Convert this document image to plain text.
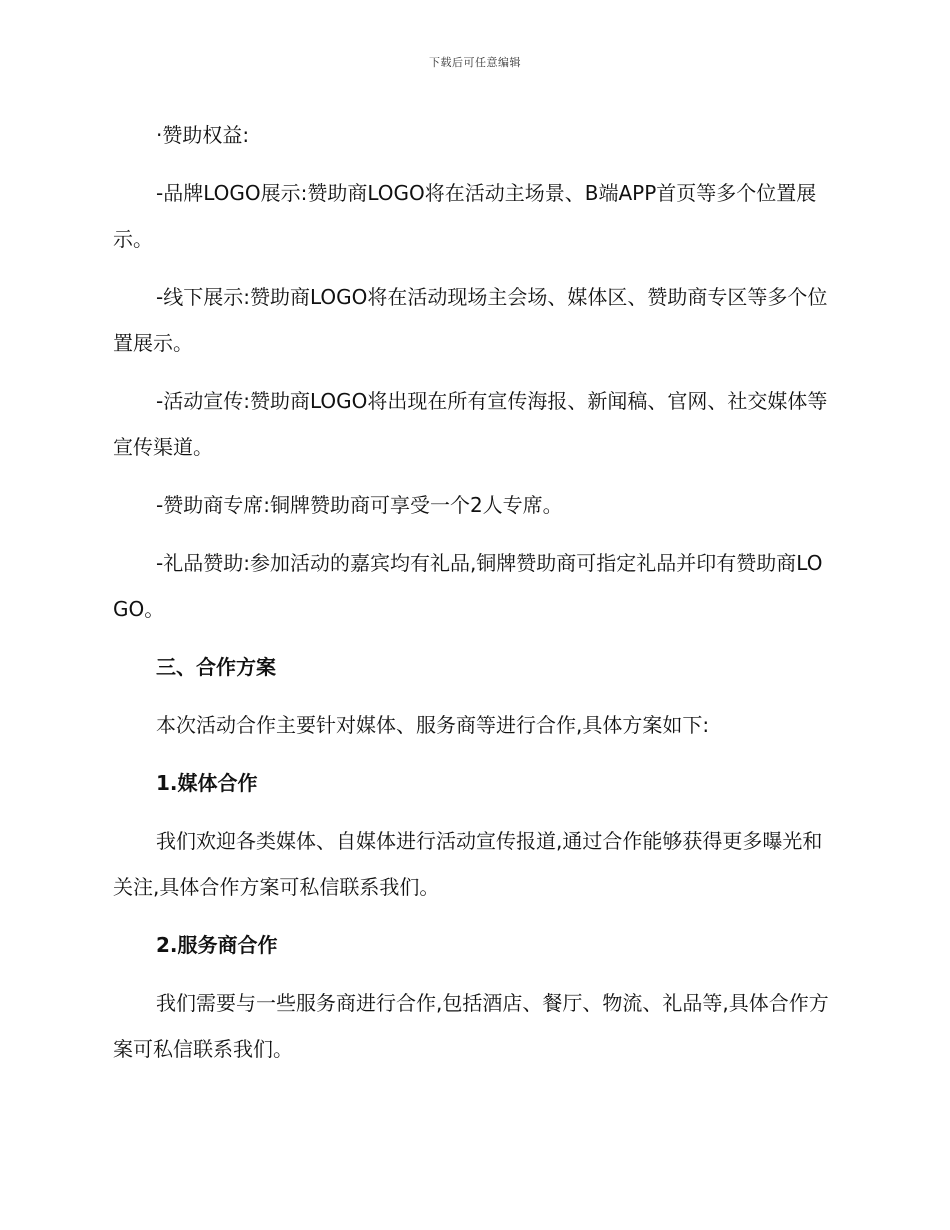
下载后可任意编辑

·赞助权益:

-品牌LOGO展示:赞助商LOGO将在活动主场景、B端APP首页等多个位置展示。

-线下展示:赞助商LOGO将在活动现场主会场、媒体区、赞助商专区等多个位置展示。

-活动宣传:赞助商LOGO将出现在所有宣传海报、新闻稿、官网、社交媒体等宣传渠道。

-赞助商专席:铜牌赞助商可享受一个2人专席。

-礼品赞助:参加活动的嘉宾均有礼品,铜牌赞助商可指定礼品并印有赞助商LOGO。

三、合作方案

本次活动合作主要针对媒体、服务商等进行合作,具体方案如下:

1.媒体合作

我们欢迎各类媒体、自媒体进行活动宣传报道,通过合作能够获得更多曝光和关注,具体合作方案可私信联系我们。

2.服务商合作

我们需要与一些服务商进行合作,包括酒店、餐厅、物流、礼品等,具体合作方案可私信联系我们。
